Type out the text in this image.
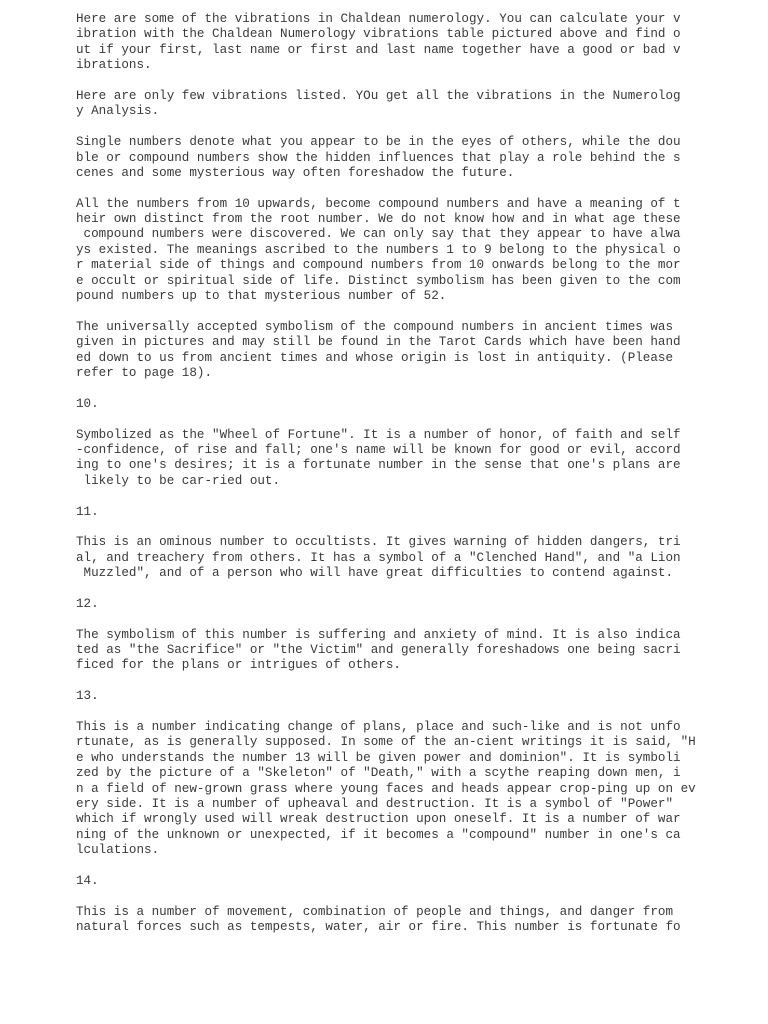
Here are some of the vibrations in Chaldean numerology. You can calculate your v
ibration with the Chaldean Numerology vibrations table pictured above and find o
ut if your first, last name or first and last name together have a good or bad v
ibrations.
Here are only few vibrations listed. YOu get all the vibrations in the Numerolog
y Analysis.
Single numbers denote what you appear to be in the eyes of others, while the dou
ble or compound numbers show the hidden influences that play a role behind the s
cenes and some mysterious way often foreshadow the future.
All the numbers from 10 upwards, become compound numbers and have a meaning of t
heir own distinct from the root number. We do not know how and in what age these
compound numbers were discovered. We can only say that they appear to have alwa
ys existed. The meanings ascribed to the numbers 1 to 9 belong to the physical o
r material side of things and compound numbers from 10 onwards belong to the mor
e occult or spiritual side of life. Distinct symbolism has been given to the com
pound numbers up to that mysterious number of 52.
The universally accepted symbolism of the compound numbers in ancient times was
given in pictures and may still be found in the Tarot Cards which have been hand
ed down to us from ancient times and whose origin is lost in antiquity. (Please
refer to page 18).
10.
Symbolized as the "Wheel of Fortune". It is a number of honor, of faith and self
-confidence, of rise and fall; one's name will be known for good or evil, accord
ing to one's desires; it is a fortunate number in the sense that one's plans are
likely to be car-ried out.
11.
This is an ominous number to occultists. It gives warning of hidden dangers, tri
al, and treachery from others. It has a symbol of a "Clenched Hand", and "a Lion
Muzzled", and of a person who will have great difficulties to contend against.
12.
The symbolism of this number is suffering and anxiety of mind. It is also indica
ted as "the Sacrifice" or "the Victim" and generally foreshadows one being sacri
ficed for the plans or intrigues of others.
13.
This is a number indicating change of plans, place and such-like and is not unfo
rtunate, as is generally supposed. In some of the an-cient writings it is said, "H
e who understands the number 13 will be given power and dominion". It is symboli
zed by the picture of a "Skeleton" of "Death," with a scythe reaping down men, i
n a field of new-grown grass where young faces and heads appear crop-ping up on ev
ery side. It is a number of upheaval and destruction. It is a symbol of "Power"
which if wrongly used will wreak destruction upon oneself. It is a number of war
ning of the unknown or unexpected, if it becomes a "compound" number in one's ca
lculations.
14.
This is a number of movement, combination of people and things, and danger from
natural forces such as tempests, water, air or fire. This number is fortunate fo
